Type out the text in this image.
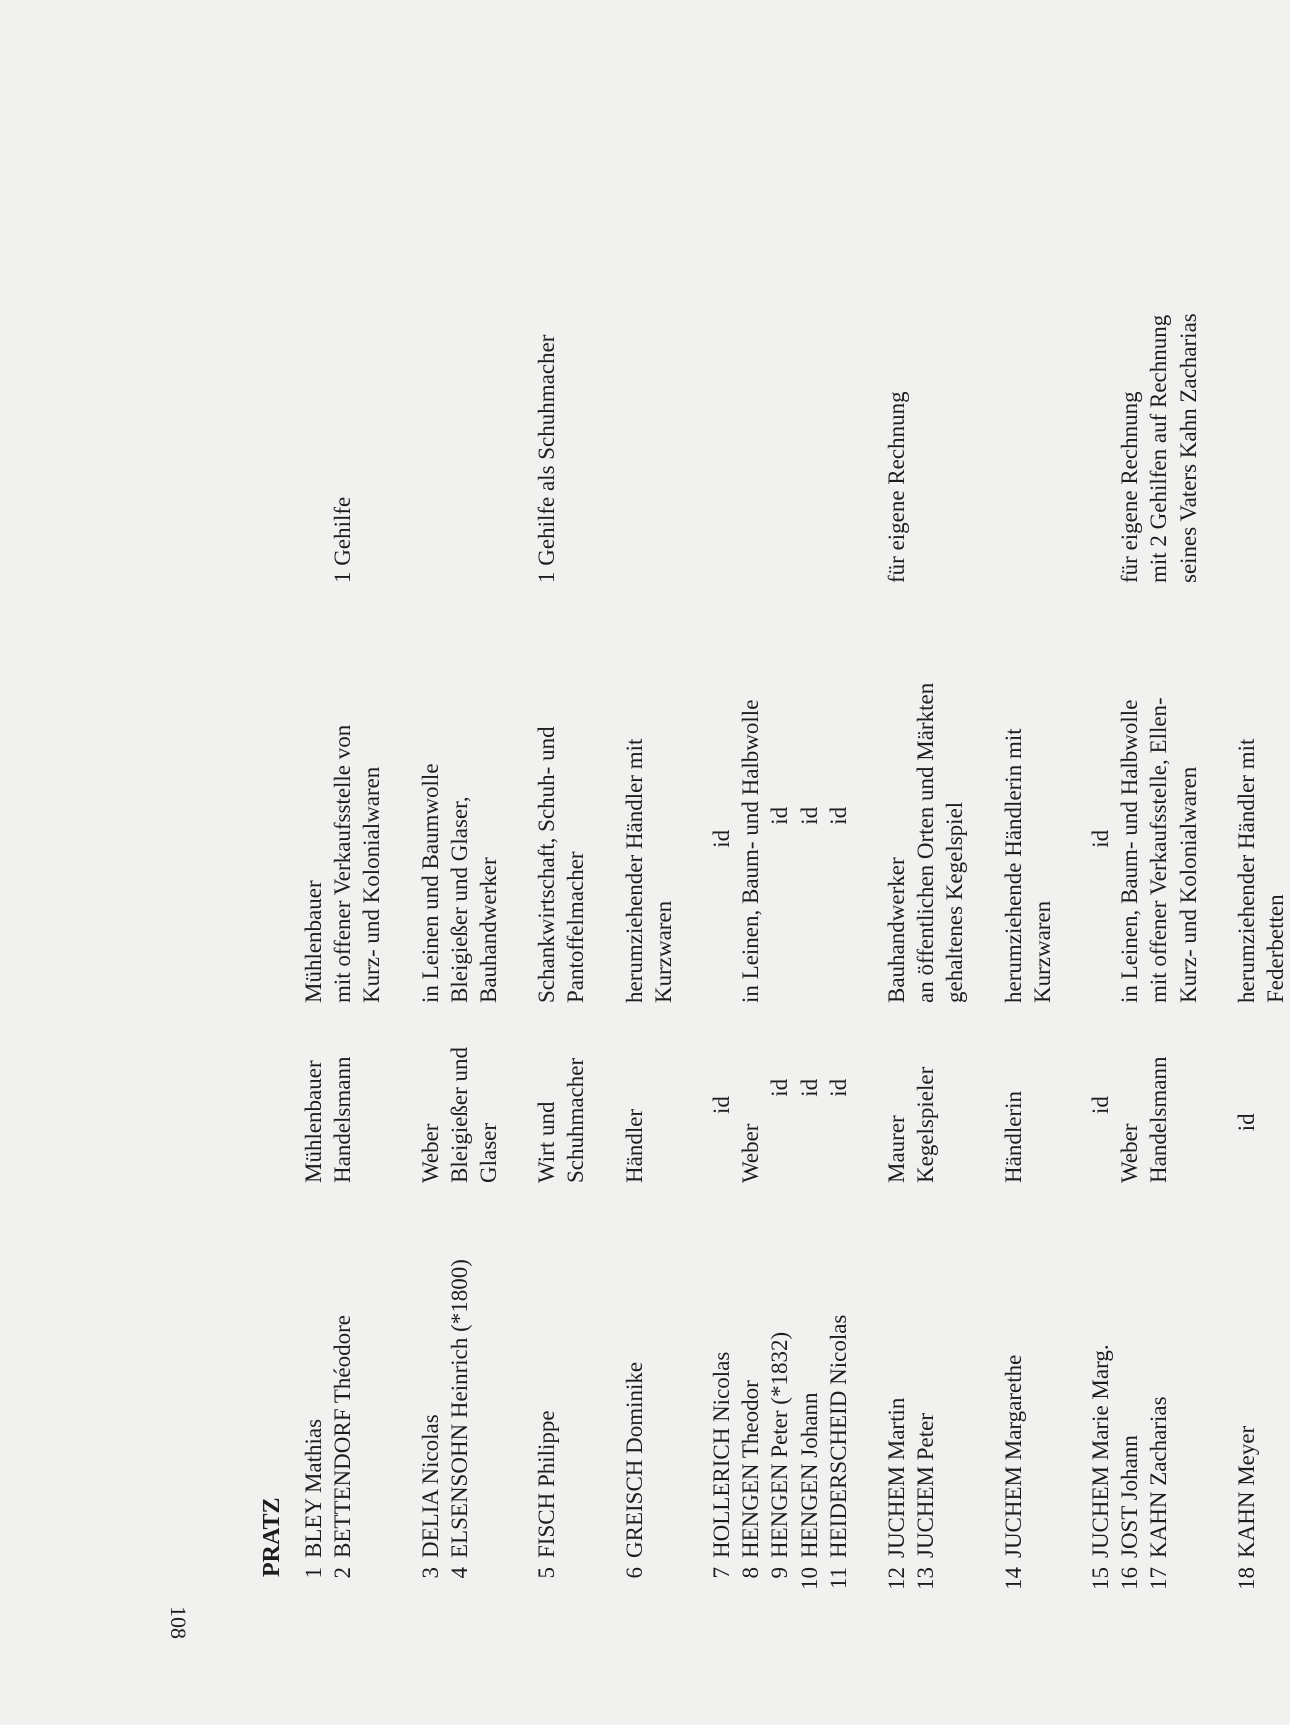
108
PRATZ 1
BLEY Mathias
Mühlenbauer
Mühlenbauer
2
BETTENDORF Théodore
Handelsmann
mit offener Verkaufsstelle von
Kurz- und Kolonialwaren
1 Gehilfe
3
DELIA Nicolas
Weber
in Leinen und Baumwolle
4
ELSENSOHN Heinrich (*1800)
Bleigießer und
Glaser
Bleigießer und Glaser,
Bauhandwerker
5
FISCH Philippe
Wirt und
Schuhmacher
Schankwirtschaft, Schuh- und
Pantoffelmacher
1 Gehilfe als Schuhmacher
6
GREISCH Dominike
Händler
herumziehender Händler mit
Kurzwaren
7
HOLLERICH Nicolas
id
id
8
HENGEN Theodor
Weber
in Leinen, Baum- und Halbwolle
9
HENGEN Peter (*1832)
id
id
10
HENGEN Johann
id
id
11
HEIDERSCHEID Nicolas
id
id
12
JUCHEM Martin
Maurer
Bauhandwerker
für eigene Rechnung
13
JUCHEM Peter
Kegelspieler
an öffentlichen Orten und Märkten
gehaltenes Kegelspiel
14
JUCHEM Margarethe
Händlerin
herumziehende Händlerin mit
Kurzwaren
15
JUCHEM Marie Marg.
id
id
16
JOST Johann
Weber
in Leinen, Baum- und Halbwolle
für eigene Rechnung
17
KAHN Zacharias
Handelsmann
mit offener Verkaufsstelle, Ellen-
Kurz- und Kolonialwaren
mit 2 Gehilfen auf Rechnung
seines Vaters Kahn Zacharias
18
KAHN Meyer
id
herumziehender Händler mit
Federbetten
